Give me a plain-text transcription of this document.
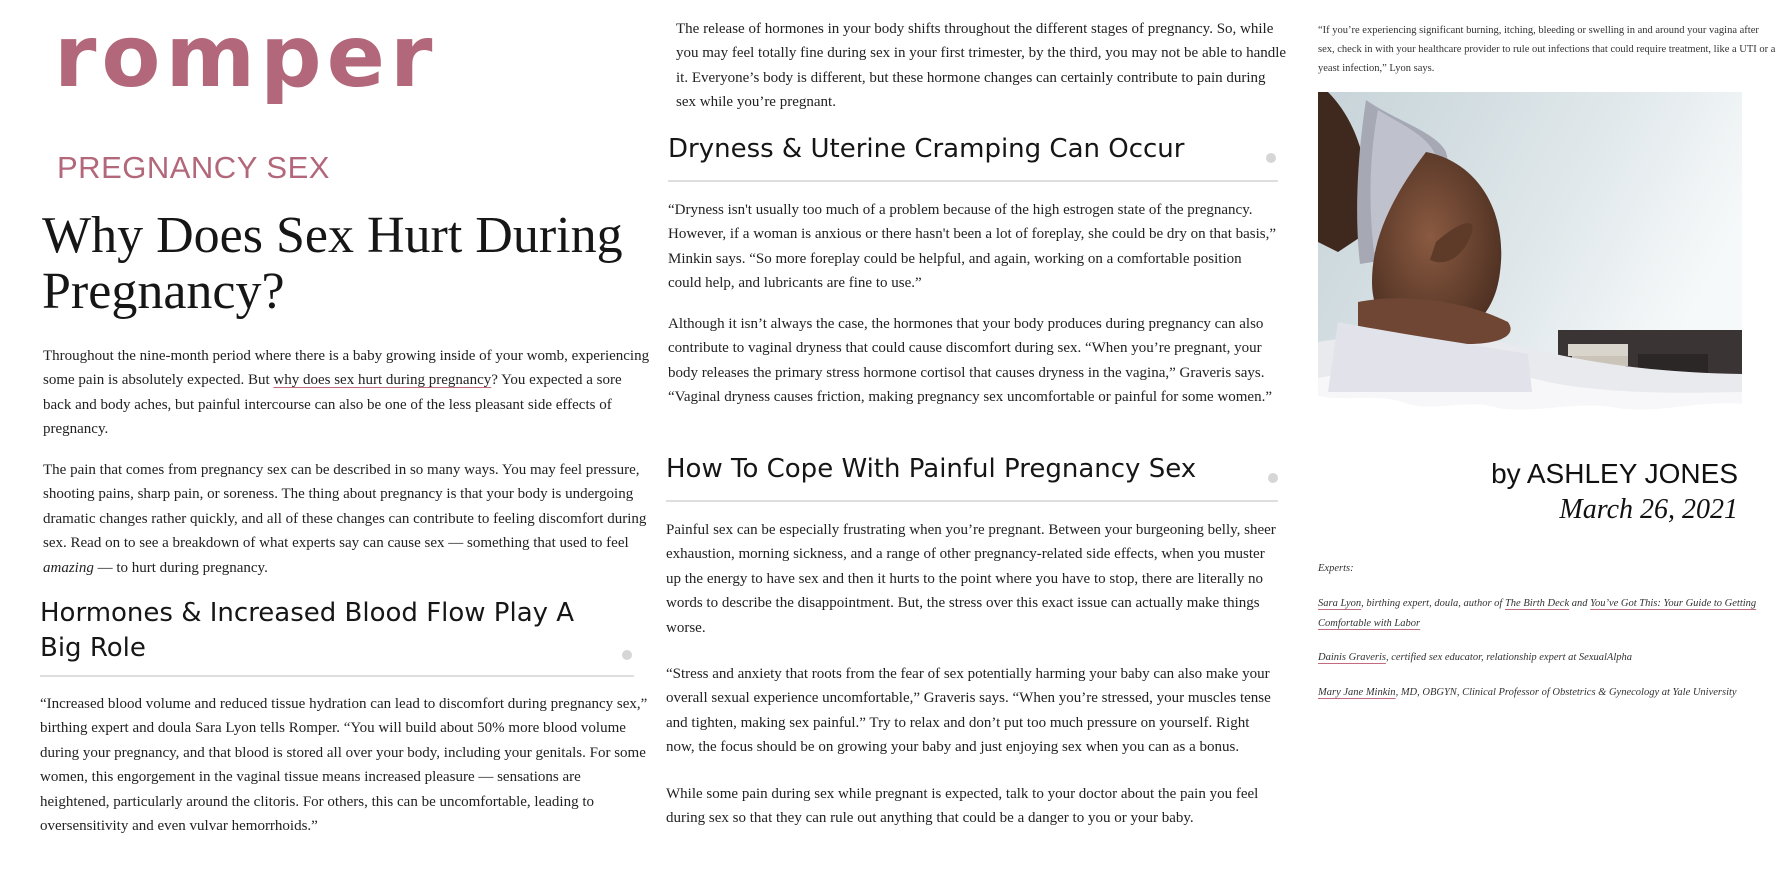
romper
PREGNANCY SEX
Why Does Sex Hurt During Pregnancy?

Throughout the nine-month period where there is a baby growing inside of your womb, experiencing some pain is absolutely expected. But why does sex hurt during pregnancy? You expected a sore back and body aches, but painful intercourse can also be one of the less pleasant side effects of pregnancy.

The pain that comes from pregnancy sex can be described in so many ways. You may feel pressure, shooting pains, sharp pain, or soreness. The thing about pregnancy is that your body is undergoing dramatic changes rather quickly, and all of these changes can contribute to feeling discomfort during sex. Read on to see a breakdown of what experts say can cause sex — something that used to feel amazing — to hurt during pregnancy.

Hormones & Increased Blood Flow Play A Big Role

“Increased blood volume and reduced tissue hydration can lead to discomfort during pregnancy sex,” birthing expert and doula Sara Lyon tells Romper. “You will build about 50% more blood volume during your pregnancy, and that blood is stored all over your body, including your genitals. For some women, this engorgement in the vaginal tissue means increased pleasure — sensations are heightened, particularly around the clitoris. For others, this can be uncomfortable, leading to oversensitivity and even vulvar hemorrhoids.”

The release of hormones in your body shifts throughout the different stages of pregnancy. So, while you may feel totally fine during sex in your first trimester, by the third, you may not be able to handle it. Everyone’s body is different, but these hormone changes can certainly contribute to pain during sex while you’re pregnant.

Dryness & Uterine Cramping Can Occur

“Dryness isn't usually too much of a problem because of the high estrogen state of the pregnancy. However, if a woman is anxious or there hasn't been a lot of foreplay, she could be dry on that basis,” Minkin says. “So more foreplay could be helpful, and again, working on a comfortable position could help, and lubricants are fine to use.”

Although it isn’t always the case, the hormones that your body produces during pregnancy can also contribute to vaginal dryness that could cause discomfort during sex. “When you’re pregnant, your body releases the primary stress hormone cortisol that causes dryness in the vagina,” Graveris says. “Vaginal dryness causes friction, making pregnancy sex uncomfortable or painful for some women.”

How To Cope With Painful Pregnancy Sex

Painful sex can be especially frustrating when you’re pregnant. Between your burgeoning belly, sheer exhaustion, morning sickness, and a range of other pregnancy-related side effects, when you muster up the energy to have sex and then it hurts to the point where you have to stop, there are literally no words to describe the disappointment. But, the stress over this exact issue can actually make things worse.

“Stress and anxiety that roots from the fear of sex potentially harming your baby can also make your overall sexual experience uncomfortable,” Graveris says. “When you’re stressed, your muscles tense and tighten, making sex painful.” Try to relax and don’t put too much pressure on yourself. Right now, the focus should be on growing your baby and just enjoying sex when you can as a bonus.

While some pain during sex while pregnant is expected, talk to your doctor about the pain you feel during sex so that they can rule out anything that could be a danger to you or your baby.

“If you’re experiencing significant burning, itching, bleeding or swelling in and around your vagina after sex, check in with your healthcare provider to rule out infections that could require treatment, like a UTI or a yeast infection,” Lyon says.

by ASHLEY JONES
March 26, 2021

Experts:

Sara Lyon, birthing expert, doula, author of The Birth Deck and You’ve Got This: Your Guide to Getting Comfortable with Labor

Dainis Graveris, certified sex educator, relationship expert at SexualAlpha

Mary Jane Minkin, MD, OBGYN, Clinical Professor of Obstetrics & Gynecology at Yale University
